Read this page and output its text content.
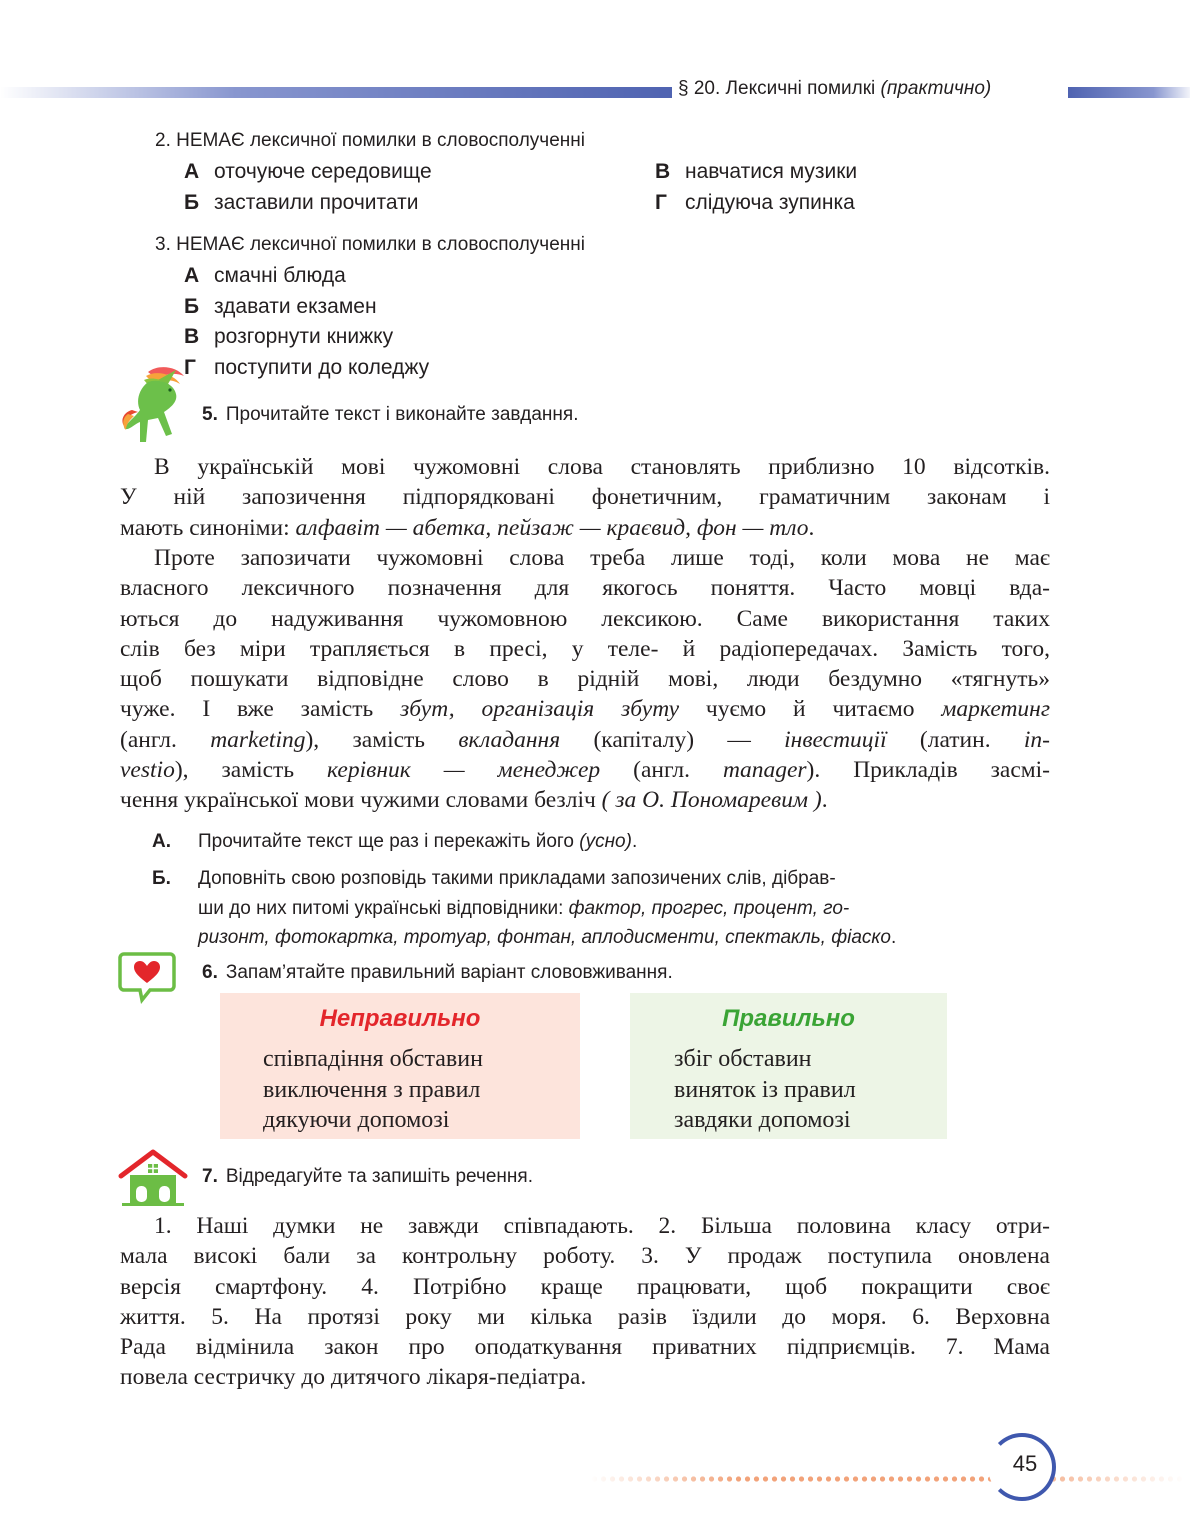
§ 20. Лексичні помилкі (практично)
2. НЕМАЄ лексичної помилки в словосполученні
А оточуюче середовище
Б заставили прочитати
В навчатися музики
Г слідуюча зупинка
3. НЕМАЄ лексичної помилки в словосполученні
А смачні блюда
Б здавати екзамен
В розгорнути книжку
Г поступити до коледжу
5. Прочитайте текст і виконайте завдання.
В українській мові чужомовні слова становлять приблизно 10 відсотків.
У ній запозичення підпорядковані фонетичним, граматичним законам і
мають синоніми: алфавіт — абетка, пейзаж — краєвид, фон — тло.
Проте запозичати чужомовні слова треба лише тоді, коли мова не має
власного лексичного позначення для якогось поняття. Часто мовці вда-
ються до надуживання чужомовною лексикою. Саме використання таких
слів без міри трапляється в пресі, у теле- й радіопередачах. Замість того,
щоб пошукати відповідне слово в рідній мові, люди бездумно «тягнуть»
чуже. І вже замість збут, організація збуту чуємо й читаємо маркетинг
(англ. marketing), замість вкладання (капіталу) — інвестиції (латин. in-
vestio), замість керівник — менеджер (англ. manager). Прикладів засмі-
чення української мови чужими словами безліч ( за О. Пономаревим ).
А. Прочитайте текст ще раз і перекажіть його (усно).
Б. Доповніть свою розповідь такими прикладами запозичених слів, дібрав-
ши до них питомі українські відповідники: фактор, прогрес, процент, го-
ризонт, фотокартка, тротуар, фонтан, аплодисменти, спектакль, фіаско.
6. Запам’ятайте правильний варіант слововживання.
Неправильно
співпадіння обставин
виключення з правил
дякуючи допомозі
Правильно
збіг обставин
виняток із правил
завдяки допомозі
7. Відредагуйте та запишіть речення.
1. Наші думки не завжди співпадають. 2. Більша половина класу отри-
мала високі бали за контрольну роботу. 3. У продаж поступила оновлена
версія смартфону. 4. Потрібно краще працювати, щоб покращити своє
життя. 5. На протязі року ми кілька разів їздили до моря. 6. Верховна
Рада відмінила закон про оподаткування приватних підприємців. 7. Мама
повела сестричку до дитячого лікаря-педіатра.
45
